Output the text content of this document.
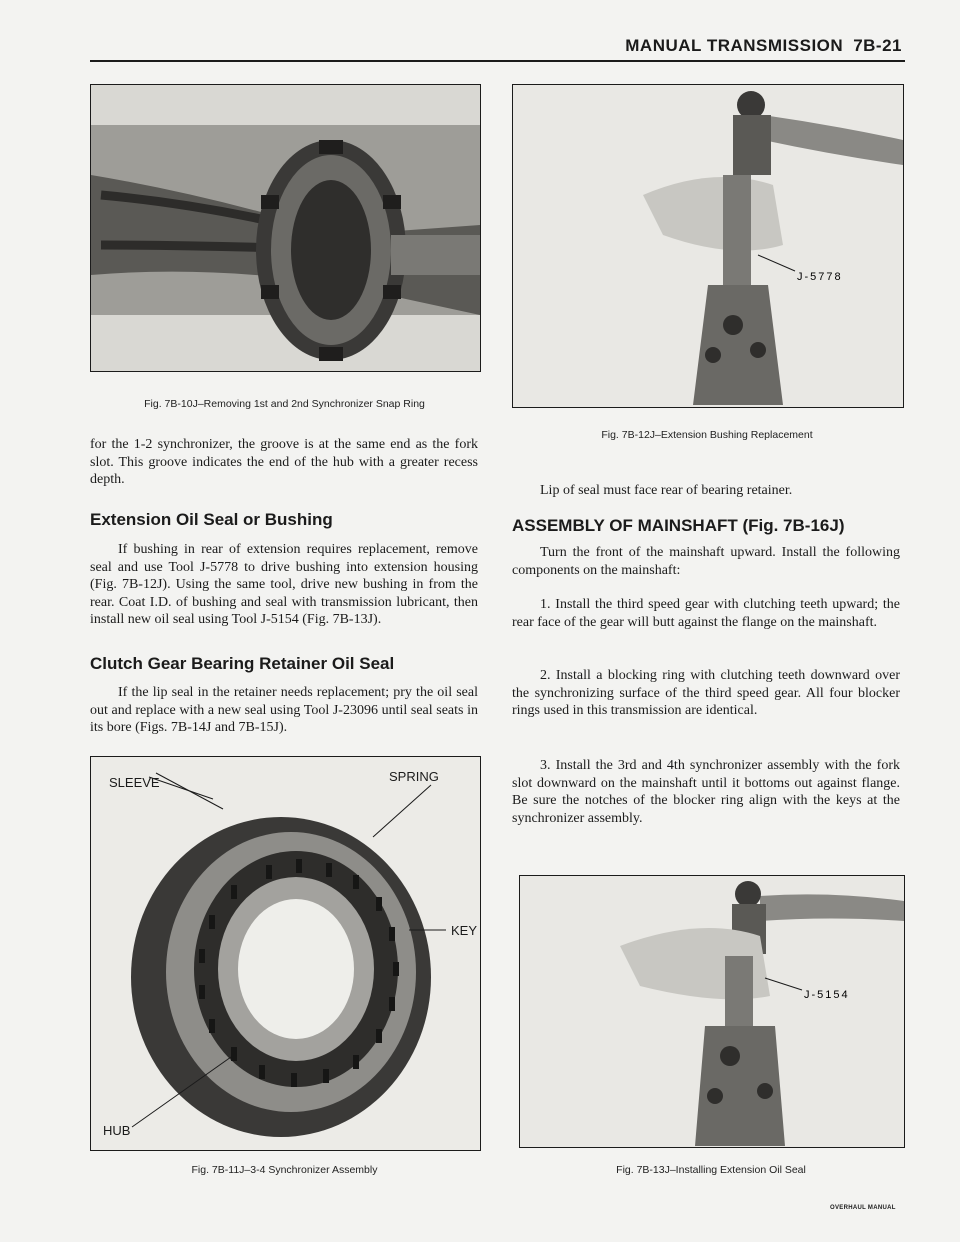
MANUAL TRANSMISSION 7B-21
Fig. 7B-10J–Removing 1st and 2nd Synchronizer Snap Ring

for the 1-2 synchronizer, the groove is at the same end as the fork slot. This groove indicates the end of the hub with a greater recess depth.

Extension Oil Seal or Bushing

If bushing in rear of extension requires replacement, remove seal and use Tool J-5778 to drive bushing into extension housing (Fig. 7B-12J). Using the same tool, drive new bushing in from the rear. Coat I.D. of bushing and seal with transmission lubricant, then install new oil seal using Tool J-5154 (Fig. 7B-13J).

Clutch Gear Bearing Retainer Oil Seal

If the lip seal in the retainer needs replacement; pry the oil seal out and replace with a new seal using Tool J-23096 until seal seats in its bore (Figs. 7B-14J and 7B-15J).

SLEEVE	SPRING
KEY
HUB
Fig. 7B-11J–3-4 Synchronizer Assembly
J-5778
Fig. 7B-12J–Extension Bushing Replacement

Lip of seal must face rear of bearing retainer.

ASSEMBLY OF MAINSHAFT (Fig. 7B-16J)

Turn the front of the mainshaft upward. Install the following components on the mainshaft:

1. Install the third speed gear with clutching teeth upward; the rear face of the gear will butt against the flange on the mainshaft.

2. Install a blocking ring with clutching teeth downward over the synchronizing surface of the third speed gear. All four blocker rings used in this transmission are identical.

3. Install the 3rd and 4th synchronizer assembly with the fork slot downward on the mainshaft until it bottoms out against flange. Be sure the notches of the blocker ring align with the keys at the synchronizer assembly.

J-5154
Fig. 7B-13J–Installing Extension Oil Seal
OVERHAUL MANUAL
